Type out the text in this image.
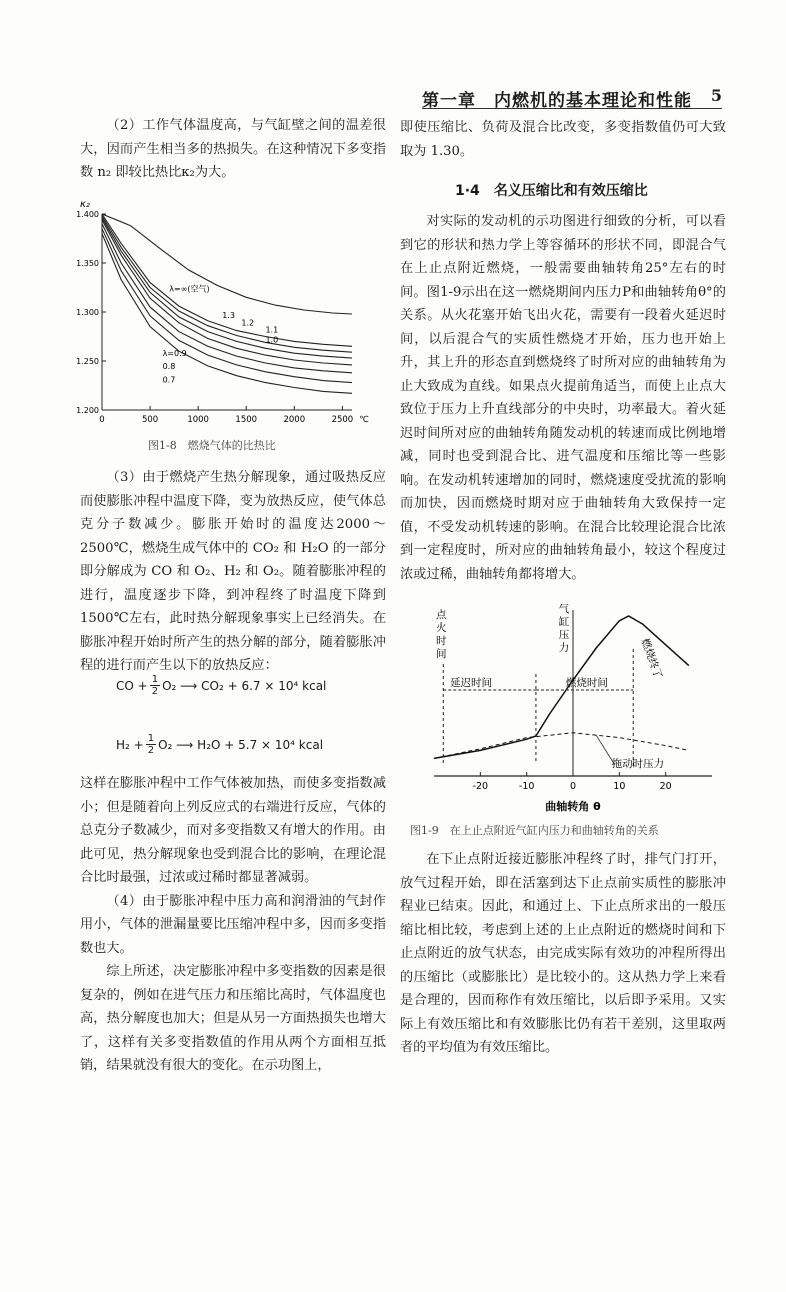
第一章　内燃机的基本理论和性能 5

（2）工作气体温度高，与气缸壁之间的温差很大，因而产生相当多的热损失。在这种情况下多变指数 n₂ 即较比热比κ₂为大。

κ₂
1.200
1.250
1.300
1.350
1.400
0	500	1000	1500	2000	2500 ℃
λ=∞(空气)
1.3
1.2
1.1
1.0
λ=0.9
0.8
0.7
图1-8　燃烧气体的比热比

（3）由于燃烧产生热分解现象，通过吸热反应而使膨胀冲程中温度下降，变为放热反应，使气体总克分子数减少。膨胀开始时的温度达2000～2500℃，燃烧生成气体中的 CO₂ 和 H₂O 的一部分即分解成为 CO 和 O₂、H₂ 和 O₂。随着膨胀冲程的进行，温度逐步下降，到冲程终了时温度下降到1500℃左右，此时热分解现象事实上已经消失。在膨胀冲程开始时所产生的热分解的部分，随着膨胀冲程的进行而产生以下的放热反应：

CO + $\frac{1}{2} O_2$ ⟶ CO₂ + 6.7 × 10⁴ kcal
$H_2 + \frac{1}{2} O_2$ ⟶ H₂O + 5.7 × 10⁴ kcal

这样在膨胀冲程中工作气体被加热，而使多变指数减小；但是随着向上列反应式的右端进行反应，气体的总克分子数减少，而对多变指数又有增大的作用。由此可见，热分解现象也受到混合比的影响，在理论混合比时最强，过浓或过稀时都显著减弱。

（4）由于膨胀冲程中压力高和润滑油的气封作用小，气体的泄漏量要比压缩冲程中多，因而多变指数也大。

综上所述，决定膨胀冲程中多变指数的因素是很复杂的，例如在进气压力和压缩比高时，气体温度也高，热分解度也加大；但是从另一方面热损失也增大了，这样有关多变指数值的作用从两个方面相互抵销，结果就没有很大的变化。在示功图上，

即使压缩比、负荷及混合比改变，多变指数值仍可大致取为 1.30。

1·4 名义压缩比和有效压缩比

对实际的发动机的示功图进行细致的分析，可以看到它的形状和热力学上等容循环的形状不同，即混合气在上止点附近燃烧，一般需要曲轴转角25°左右的时间。图1-9示出在这一燃烧期间内压力P和曲轴转角θ°的关系。从火花塞开始飞出火花，需要有一段着火延迟时间，以后混合气的实质性燃烧才开始，压力也开始上升，其上升的形态直到燃烧终了时所对应的曲轴转角为止大致成为直线。如果点火提前角适当，而使上止点大致位于压力上升直线部分的中央时，功率最大。着火延迟时间所对应的曲轴转角随发动机的转速而成比例地增减，同时也受到混合比、进气温度和压缩比等一些影响。在发动机转速增加的同时，燃烧速度受扰流的影响而加快，因而燃烧时期对应于曲轴转角大致保持一定值，不受发动机转速的影响。在混合比较理论混合比浓到一定程度时，所对应的曲轴转角最小，较这个程度过浓或过稀，曲轴转角都将增大。

-20	-10	0	10	20
曲轴转角 θ
点火时间
气缸压力	燃烧终了
延迟时间	燃烧时间
拖动时压力
图1-9　在上止点附近气缸内压力和曲轴转角的关系

在下止点附近接近膨胀冲程终了时，排气门打开，放气过程开始，即在活塞到达下止点前实质性的膨胀冲程业已结束。因此，和通过上、下止点所求出的一般压缩比相比较，考虑到上述的上止点附近的燃烧时间和下止点附近的放气状态，由完成实际有效功的冲程所得出的压缩比（或膨胀比）是比较小的。这从热力学上来看是合理的，因而称作有效压缩比，以后即予采用。又实际上有效压缩比和有效膨胀比仍有若干差别，这里取两者的平均值为有效压缩比。
